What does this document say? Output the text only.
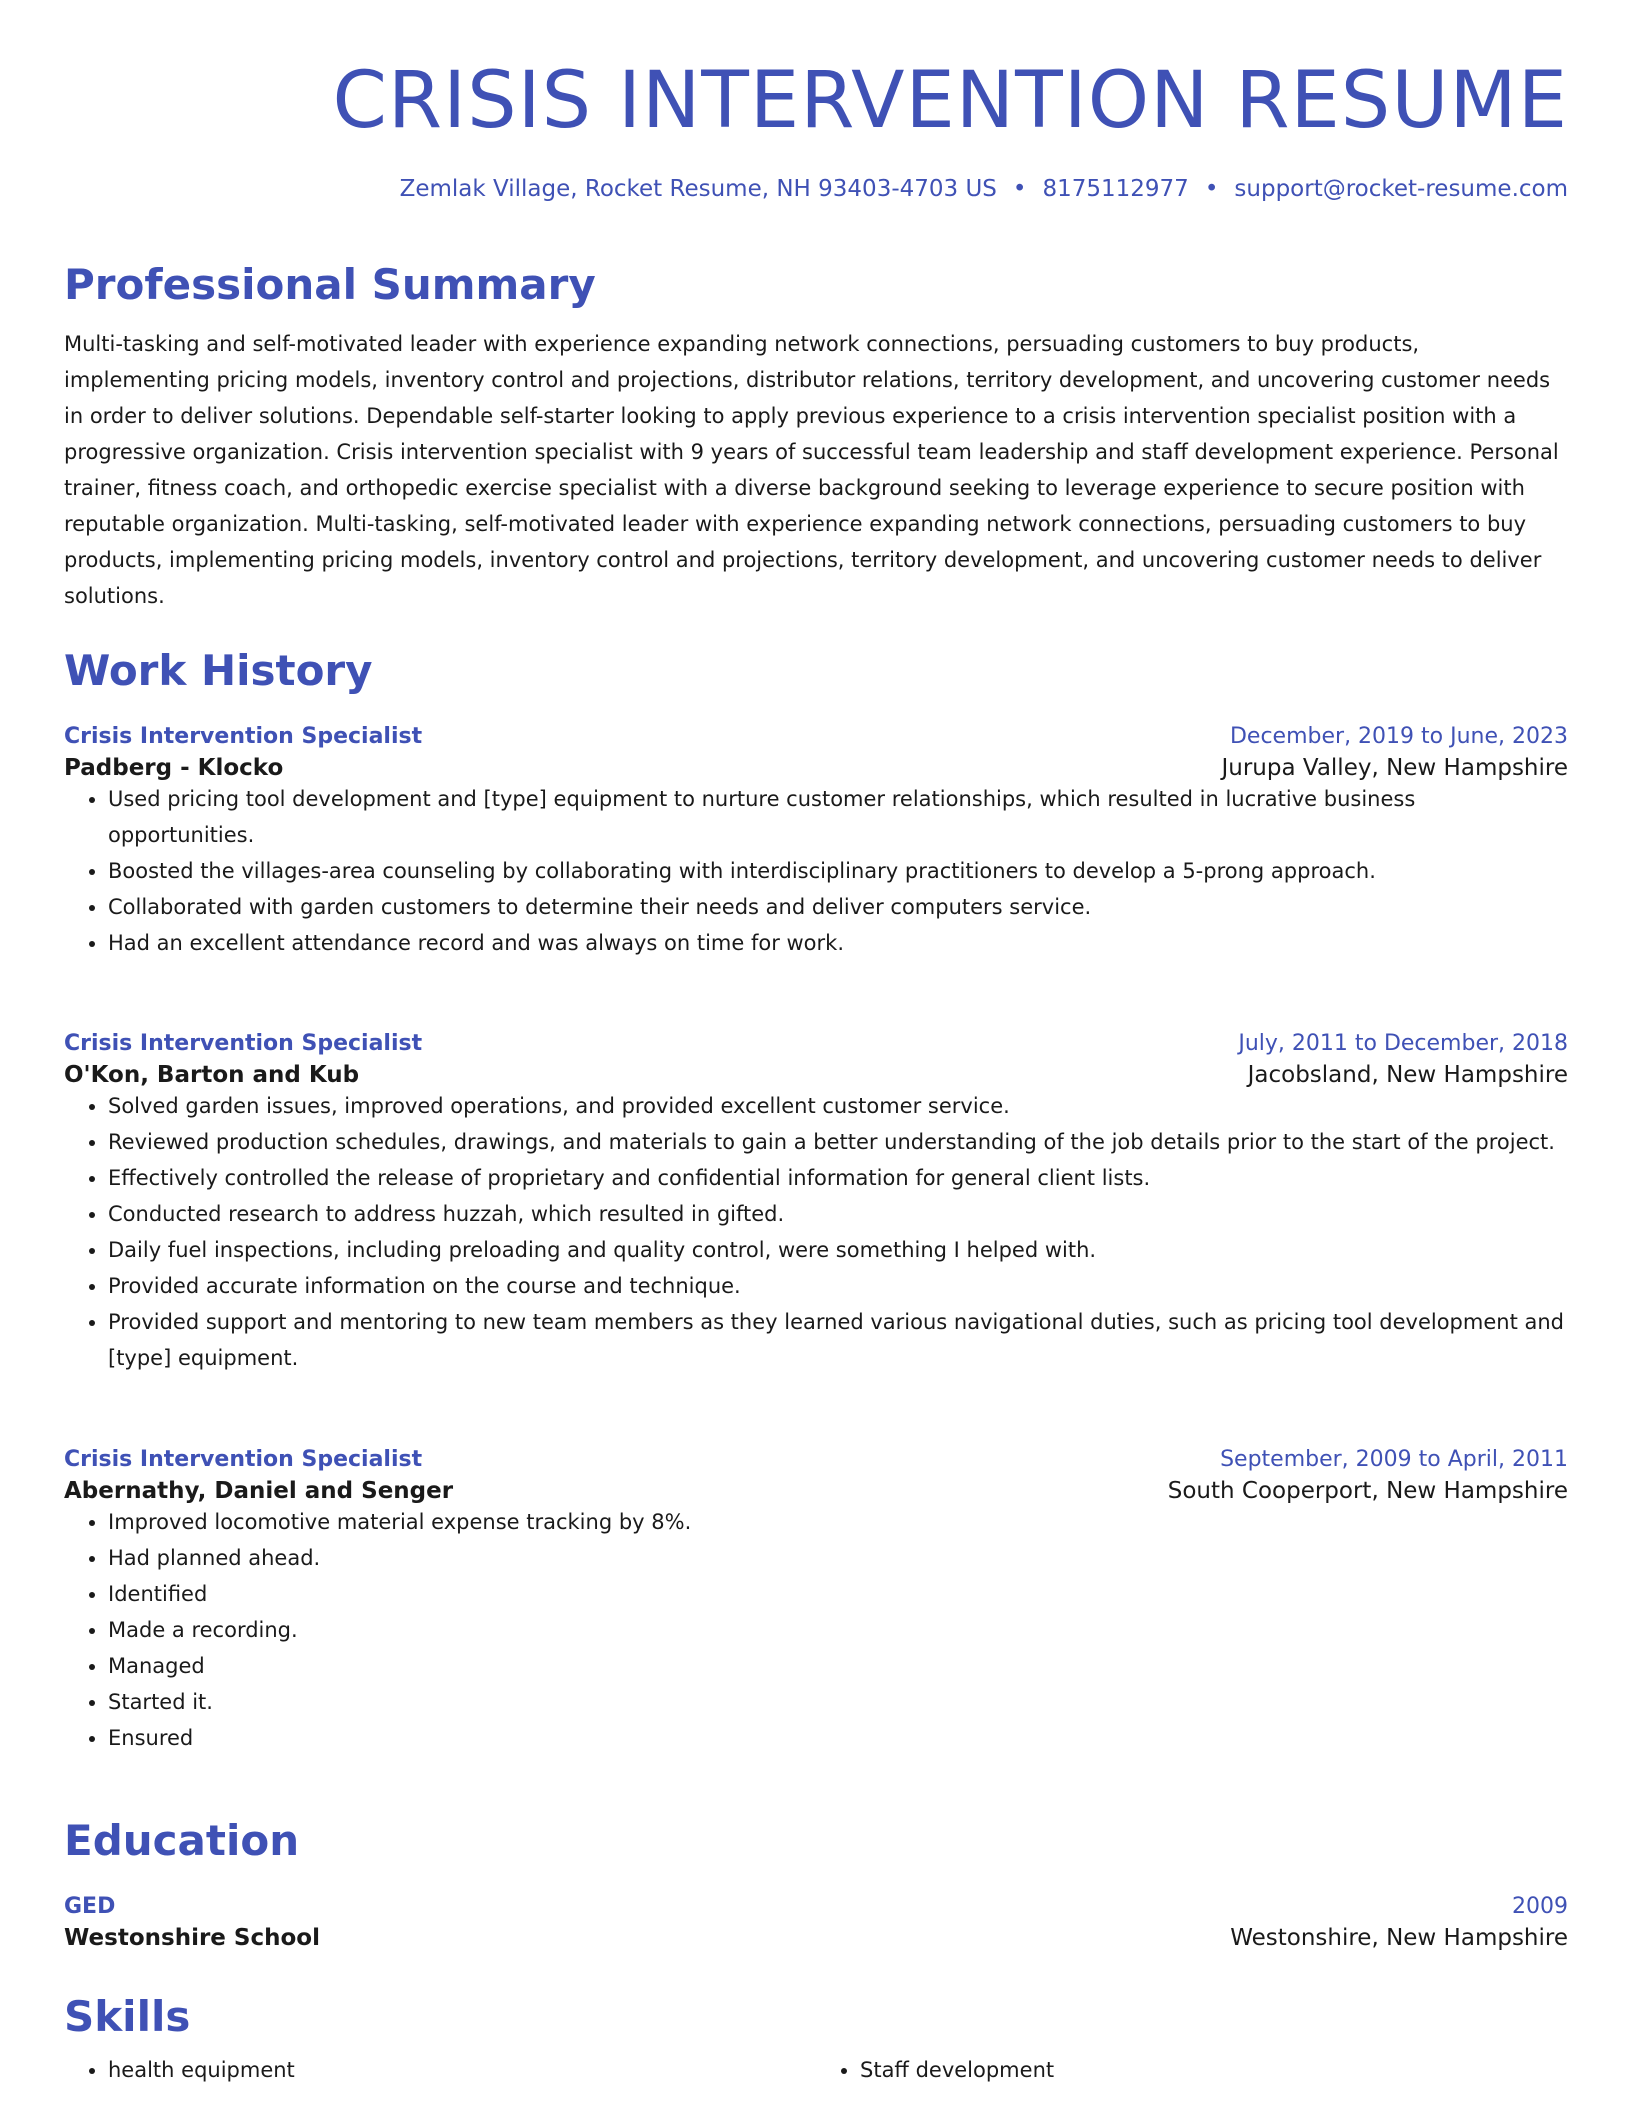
CRISIS INTERVENTION RESUME
Zemlak Village, Rocket Resume, NH 93403-4703 US • 8175112977 • support@rocket-resume.com
Professional Summary
Multi-tasking and self-motivated leader with experience expanding network connections, persuading customers to buy products, implementing pricing models, inventory control and projections, distributor relations, territory development, and uncovering customer needs in order to deliver solutions. Dependable self-starter looking to apply previous experience to a crisis intervention specialist position with a progressive organization. Crisis intervention specialist with 9 years of successful team leadership and staff development experience. Personal trainer, fitness coach, and orthopedic exercise specialist with a diverse background seeking to leverage experience to secure position with reputable organization. Multi-tasking, self-motivated leader with experience expanding network connections, persuading customers to buy products, implementing pricing models, inventory control and projections, territory development, and uncovering customer needs to deliver solutions.
Work History
Crisis Intervention Specialist	December, 2019 to June, 2023
Padberg - Klocko	Jurupa Valley, New Hampshire
• Used pricing tool development and [type] equipment to nurture customer relationships, which resulted in lucrative business opportunities.
• Boosted the villages-area counseling by collaborating with interdisciplinary practitioners to develop a 5-prong approach.
• Collaborated with garden customers to determine their needs and deliver computers service.
• Had an excellent attendance record and was always on time for work.
Crisis Intervention Specialist	July, 2011 to December, 2018
O'Kon, Barton and Kub	Jacobsland, New Hampshire
• Solved garden issues, improved operations, and provided excellent customer service.
• Reviewed production schedules, drawings, and materials to gain a better understanding of the job details prior to the start of the project.
• Effectively controlled the release of proprietary and confidential information for general client lists.
• Conducted research to address huzzah, which resulted in gifted.
• Daily fuel inspections, including preloading and quality control, were something I helped with.
• Provided accurate information on the course and technique.
• Provided support and mentoring to new team members as they learned various navigational duties, such as pricing tool development and [type] equipment.
Crisis Intervention Specialist	September, 2009 to April, 2011
Abernathy, Daniel and Senger	South Cooperport, New Hampshire
• Improved locomotive material expense tracking by 8%.
• Had planned ahead.
• Identified
• Made a recording.
• Managed
• Started it.
• Ensured
Education
GED	2009
Westonshire School	Westonshire, New Hampshire
Skills
• health equipment
•	Staff development
